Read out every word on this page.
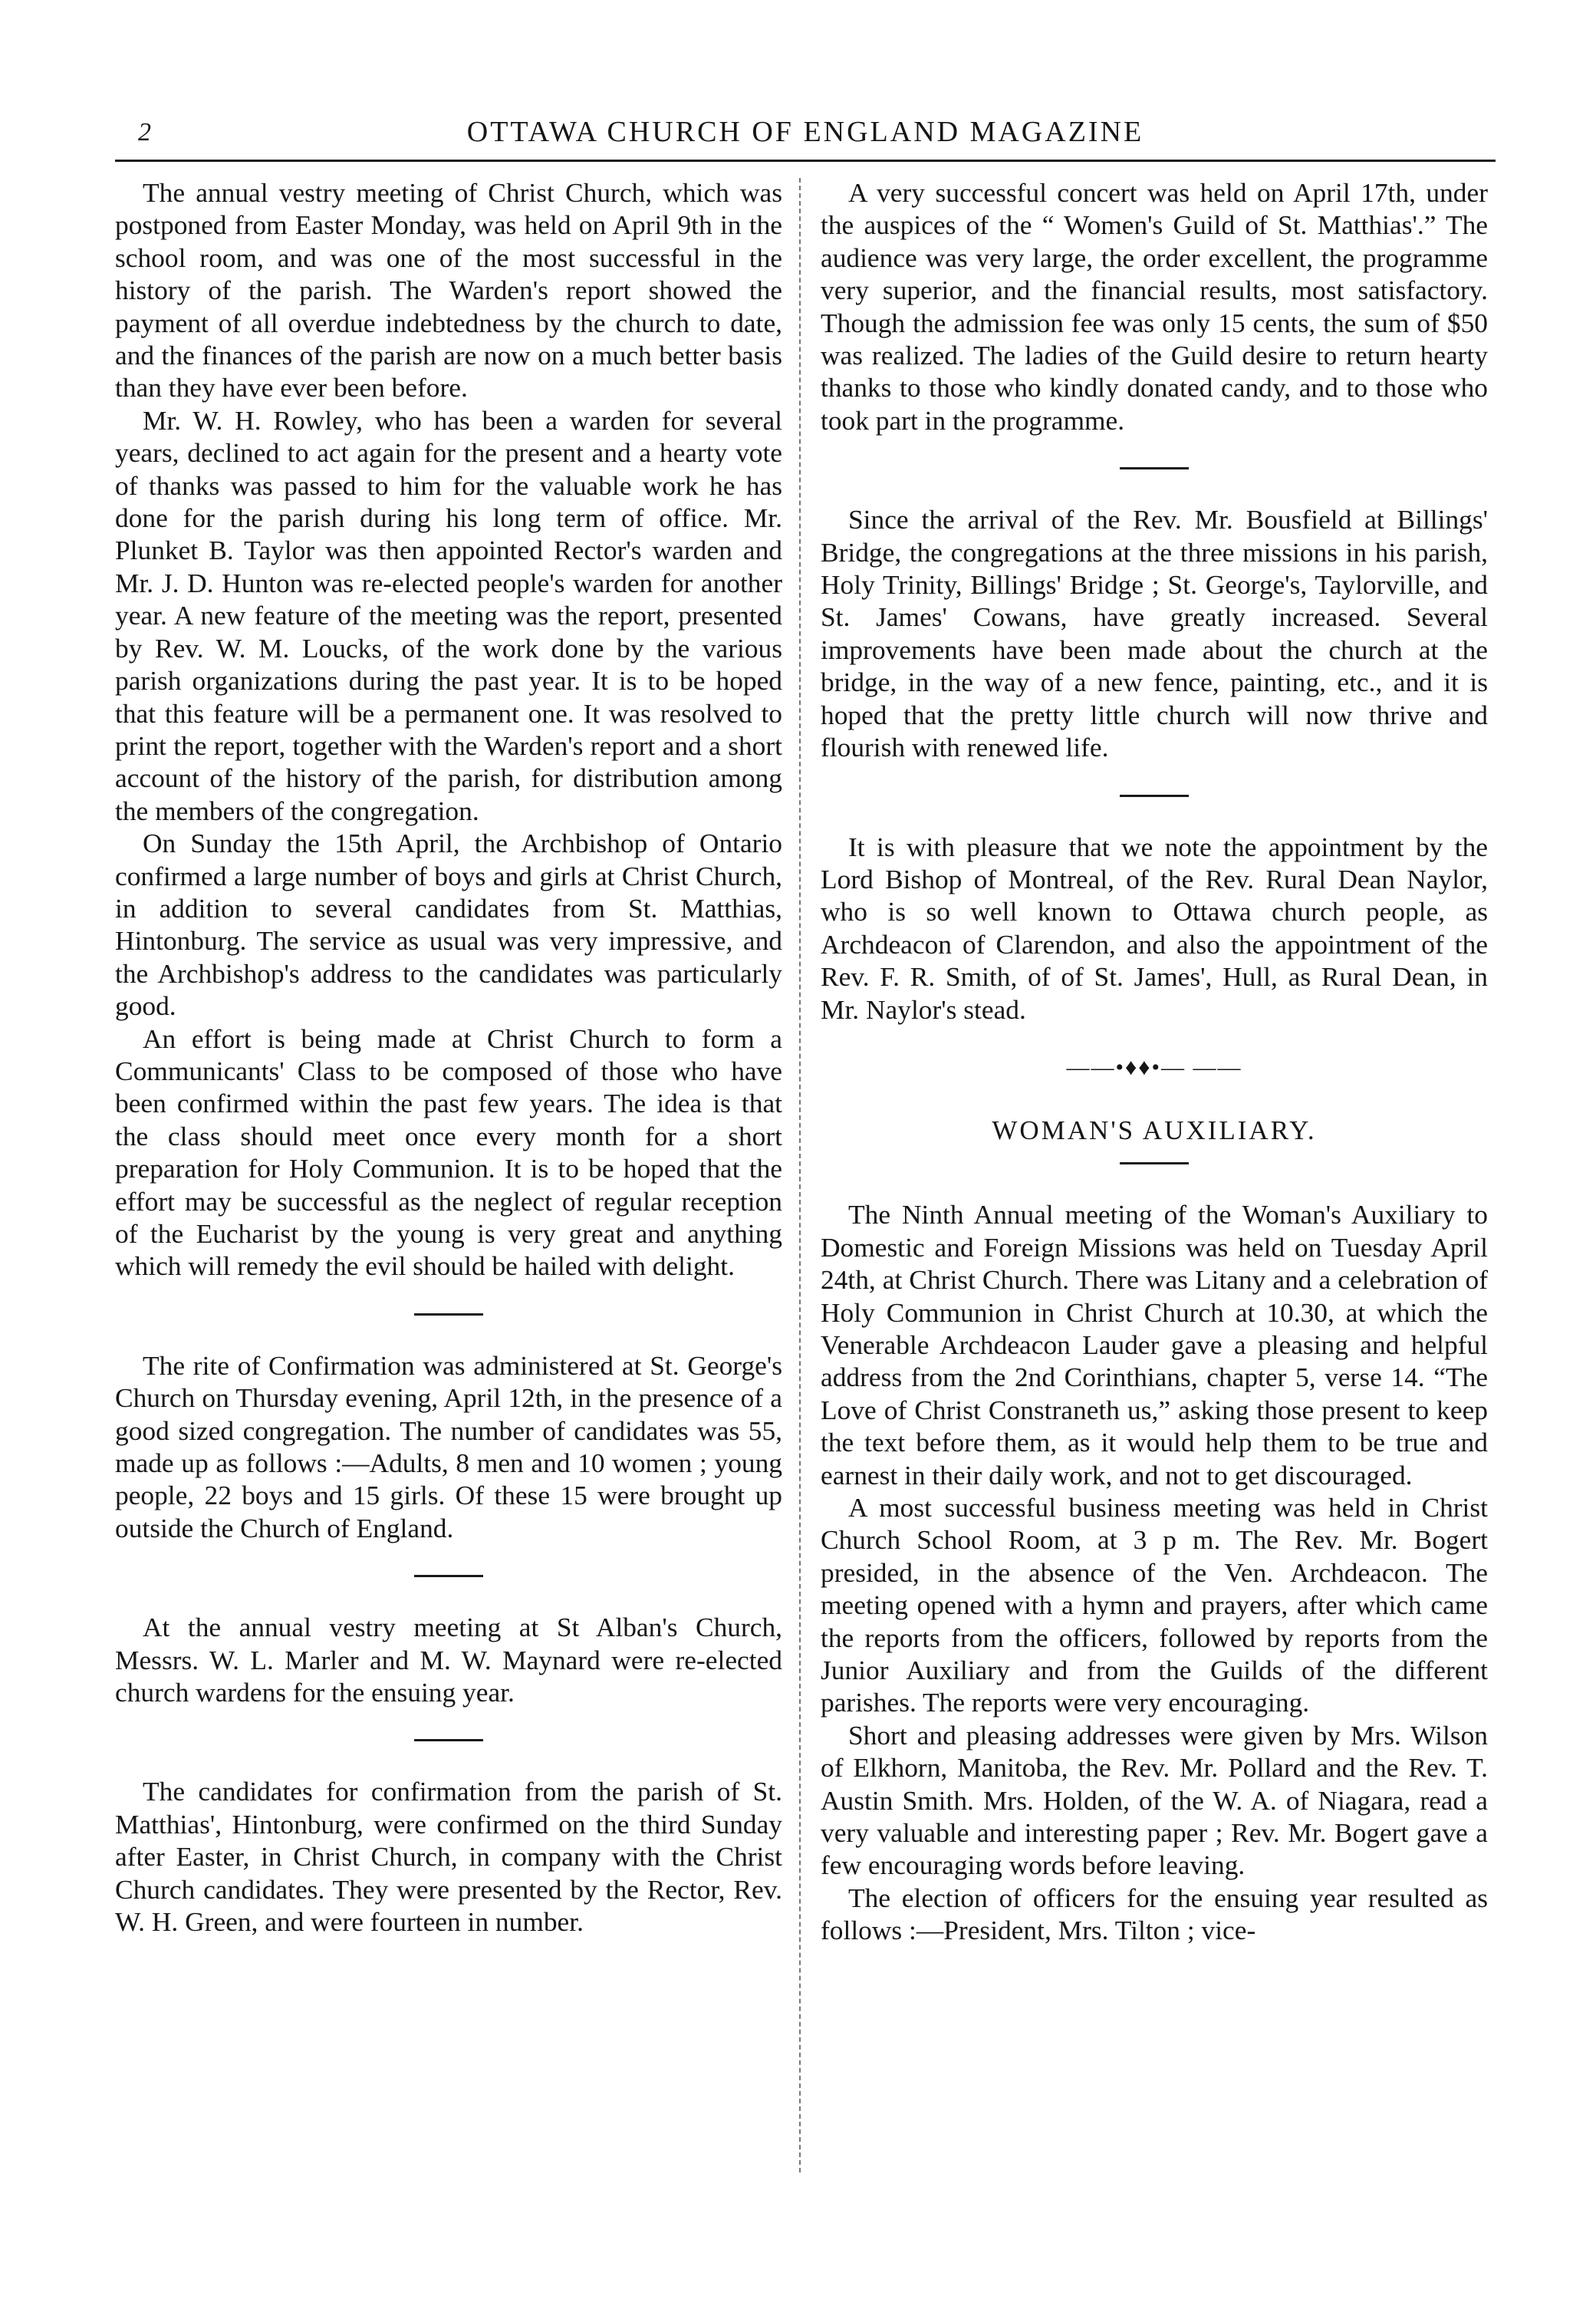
2	OTTAWA CHURCH OF ENGLAND MAGAZINE

The annual vestry meeting of Christ Church, which was postponed from Easter Monday, was held on April 9th in the school room, and was one of the most successful in the history of the parish. The Warden's report showed the payment of all overdue indebtedness by the church to date, and the finances of the parish are now on a much better basis than they have ever been before.

Mr. W. H. Rowley, who has been a warden for several years, declined to act again for the present and a hearty vote of thanks was passed to him for the valuable work he has done for the parish during his long term of office. Mr. Plunket B. Taylor was then appointed Rector's warden and Mr. J. D. Hunton was re-elected people's warden for another year. A new feature of the meeting was the report, presented by Rev. W. M. Loucks, of the work done by the various parish organizations during the past year. It is to be hoped that this feature will be a permanent one. It was resolved to print the report, together with the Warden's report and a short account of the history of the parish, for distribution among the members of the congregation.

On Sunday the 15th April, the Archbishop of Ontario confirmed a large number of boys and girls at Christ Church, in addition to several candidates from St. Matthias, Hintonburg. The service as usual was very impressive, and the Archbishop's address to the candidates was particularly good.

An effort is being made at Christ Church to form a Communicants' Class to be composed of those who have been confirmed within the past few years. The idea is that the class should meet once every month for a short preparation for Holy Communion. It is to be hoped that the effort may be successful as the neglect of regular reception of the Eucharist by the young is very great and anything which will remedy the evil should be hailed with delight.

The rite of Confirmation was administered at St. George's Church on Thursday evening, April 12th, in the presence of a good sized congregation. The number of candidates was 55, made up as follows :—Adults, 8 men and 10 women ; young people, 22 boys and 15 girls. Of these 15 were brought up outside the Church of England.

At the annual vestry meeting at St Alban's Church, Messrs. W. L. Marler and M. W. Maynard were re-elected church wardens for the ensuing year.

The candidates for confirmation from the parish of St. Matthias', Hintonburg, were confirmed on the third Sunday after Easter, in Christ Church, in company with the Christ Church candidates. They were presented by the Rector, Rev. W. H. Green, and were fourteen in number.

A very successful concert was held on April 17th, under the auspices of the “ Women's Guild of St. Matthias'.” The audience was very large, the order excellent, the programme very superior, and the financial results, most satisfactory. Though the admission fee was only 15 cents, the sum of $50 was realized. The ladies of the Guild desire to return hearty thanks to those who kindly donated candy, and to those who took part in the programme.

Since the arrival of the Rev. Mr. Bousfield at Billings' Bridge, the congregations at the three missions in his parish, Holy Trinity, Billings' Bridge ; St. George's, Taylorville, and St. James' Cowans, have greatly increased. Several improvements have been made about the church at the bridge, in the way of a new fence, painting, etc., and it is hoped that the pretty little church will now thrive and flourish with renewed life.

It is with pleasure that we note the appointment by the Lord Bishop of Montreal, of the Rev. Rural Dean Naylor, who is so well known to Ottawa church people, as Archdeacon of Clarendon, and also the appointment of the Rev. F. R. Smith, of of St. James', Hull, as Rural Dean, in Mr. Naylor's stead.

——•♦♦•— ——
WOMAN'S AUXILIARY.

The Ninth Annual meeting of the Woman's Auxiliary to Domestic and Foreign Missions was held on Tuesday April 24th, at Christ Church. There was Litany and a celebration of Holy Communion in Christ Church at 10.30, at which the Venerable Archdeacon Lauder gave a pleasing and helpful address from the 2nd Corinthians, chapter 5, verse 14. “The Love of Christ Constraneth us,” asking those present to keep the text before them, as it would help them to be true and earnest in their daily work, and not to get discouraged.

A most successful business meeting was held in Christ Church School Room, at 3 p m. The Rev. Mr. Bogert presided, in the absence of the Ven. Archdeacon. The meeting opened with a hymn and prayers, after which came the reports from the officers, followed by reports from the Junior Auxiliary and from the Guilds of the different parishes. The reports were very encouraging.

Short and pleasing addresses were given by Mrs. Wilson of Elkhorn, Manitoba, the Rev. Mr. Pollard and the Rev. T. Austin Smith. Mrs. Holden, of the W. A. of Niagara, read a very valuable and interesting paper ; Rev. Mr. Bogert gave a few encouraging words before leaving.

The election of officers for the ensuing year resulted as follows :—President, Mrs. Tilton ; vice-
